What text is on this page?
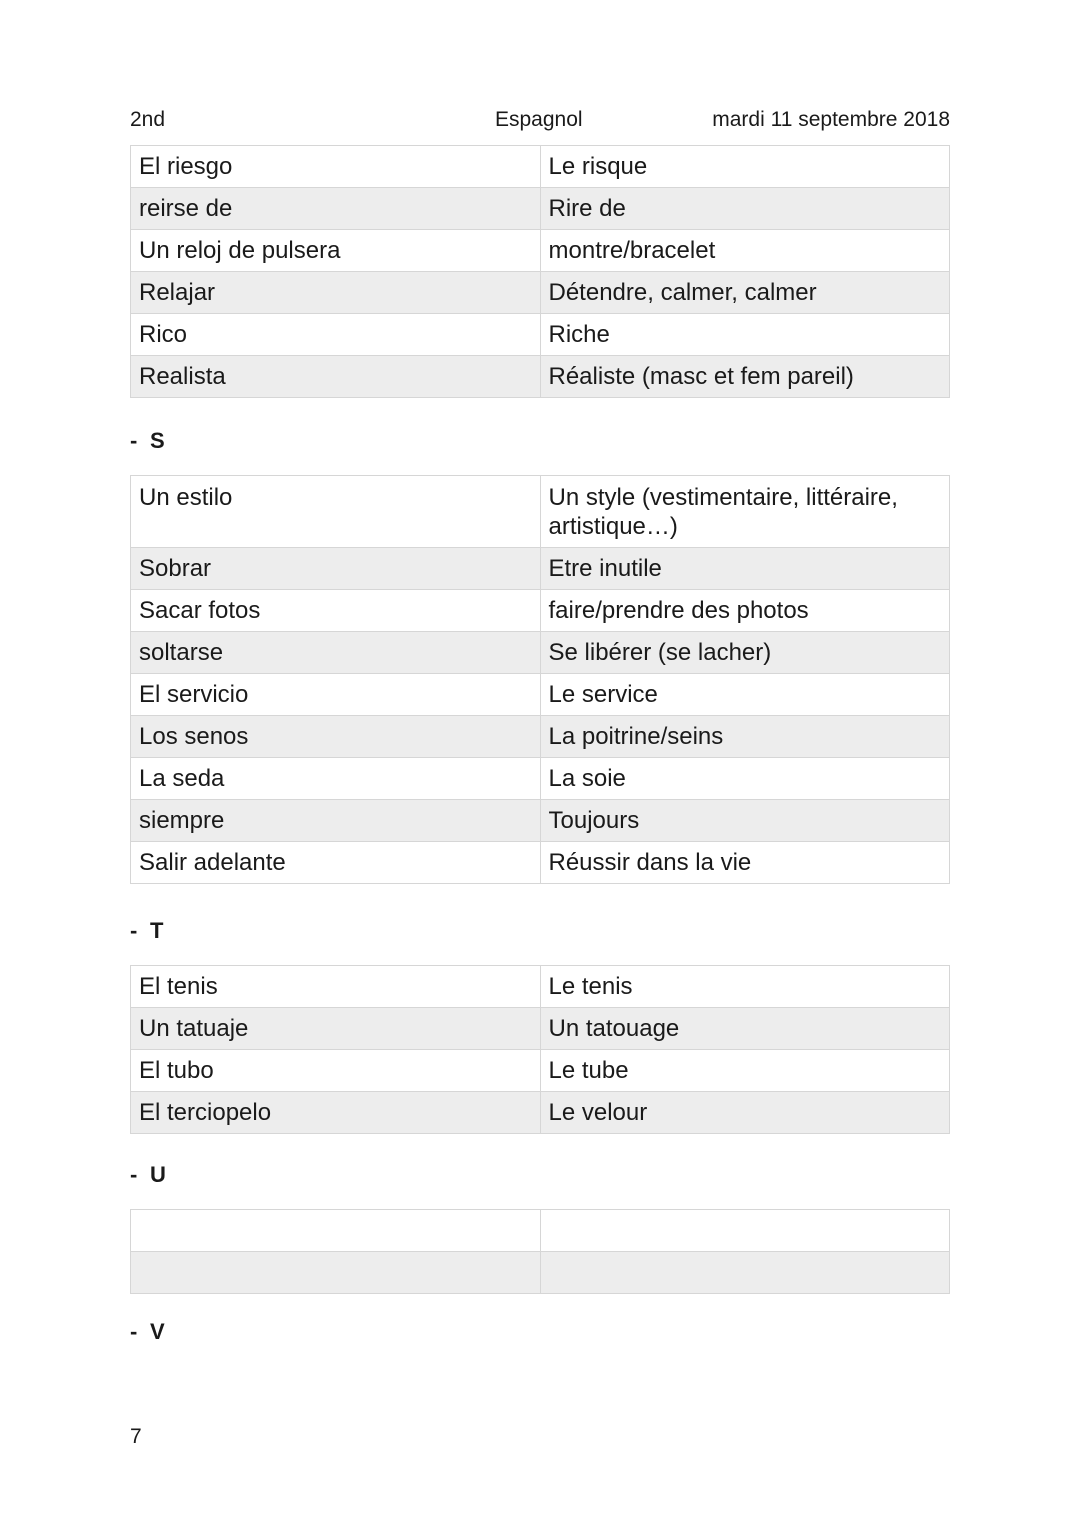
2nd	Espagnol	mardi 11 septembre 2018
El riesgo	Le risque
reirse de	Rire de
Un reloj de pulsera	montre/bracelet
Relajar	Détendre, calmer, calmer
Rico	Riche
Realista	Réaliste (masc et fem pareil)
- S
Un estilo	Un style (vestimentaire, littéraire, artistique…)
Sobrar	Etre inutile
Sacar fotos	faire/prendre des photos
soltarse	Se libérer (se lacher)
El servicio	Le service
Los senos	La poitrine/seins
La seda	La soie
siempre	Toujours
Salir adelante	Réussir dans la vie
- T
El tenis	Le tenis
Un tatuaje	Un tatouage
El tubo	Le tube
El terciopelo	Le velour
- U

- V
7
